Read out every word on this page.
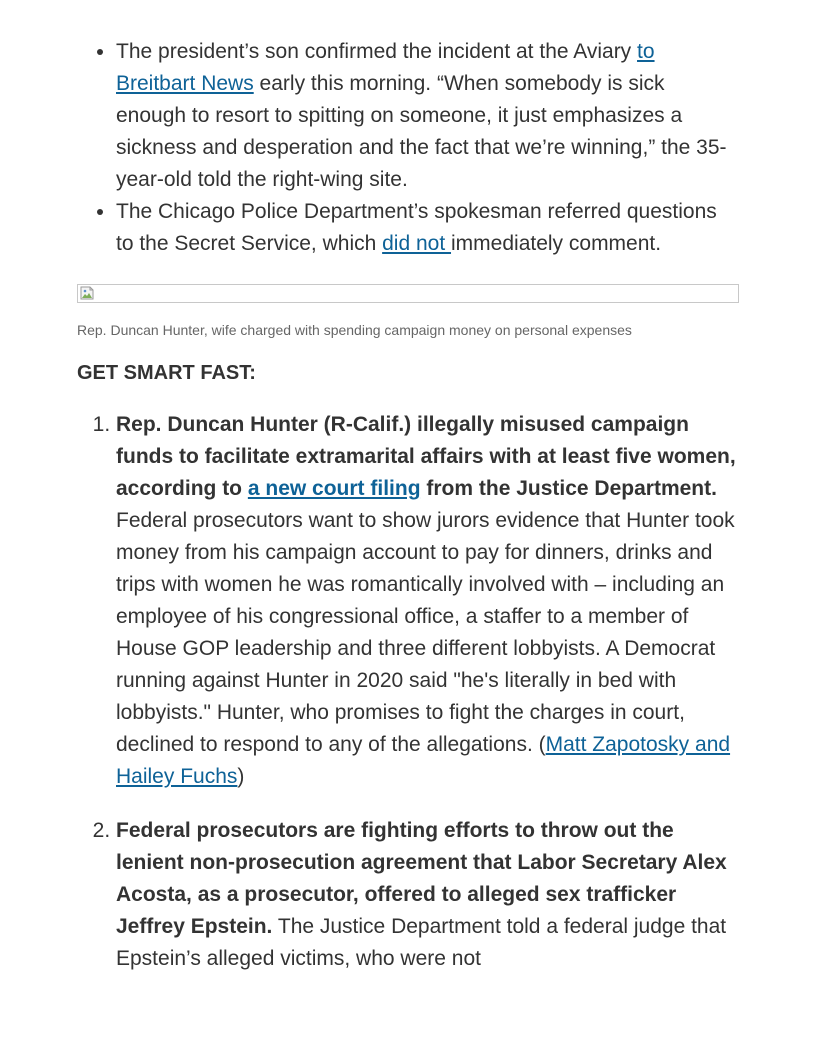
• The president’s son confirmed the incident at the Aviary to Breitbart News early this morning. “When somebody is sick enough to resort to spitting on someone, it just emphasizes a sickness and desperation and the fact that we’re winning,” the 35-year-old told the right-wing site.
• The Chicago Police Department’s spokesman referred questions to the Secret Service, which did not immediately comment.
Rep. Duncan Hunter, wife charged with spending campaign money on personal expenses
GET SMART FAST:
1. Rep. Duncan Hunter (R-Calif.) illegally misused campaign funds to facilitate extramarital affairs with at least five women, according to a new court filing from the Justice Department. Federal prosecutors want to show jurors evidence that Hunter took money from his campaign account to pay for dinners, drinks and trips with women he was romantically involved with – including an employee of his congressional office, a staffer to a member of House GOP leadership and three different lobbyists. A Democrat running against Hunter in 2020 said "he's literally in bed with lobbyists." Hunter, who promises to fight the charges in court, declined to respond to any of the allegations. (Matt Zapotosky and Hailey Fuchs)
2. Federal prosecutors are fighting efforts to throw out the lenient non-prosecution agreement that Labor Secretary Alex Acosta, as a prosecutor, offered to alleged sex trafficker Jeffrey Epstein. The Justice Department told a federal judge that Epstein’s alleged victims, who were not
